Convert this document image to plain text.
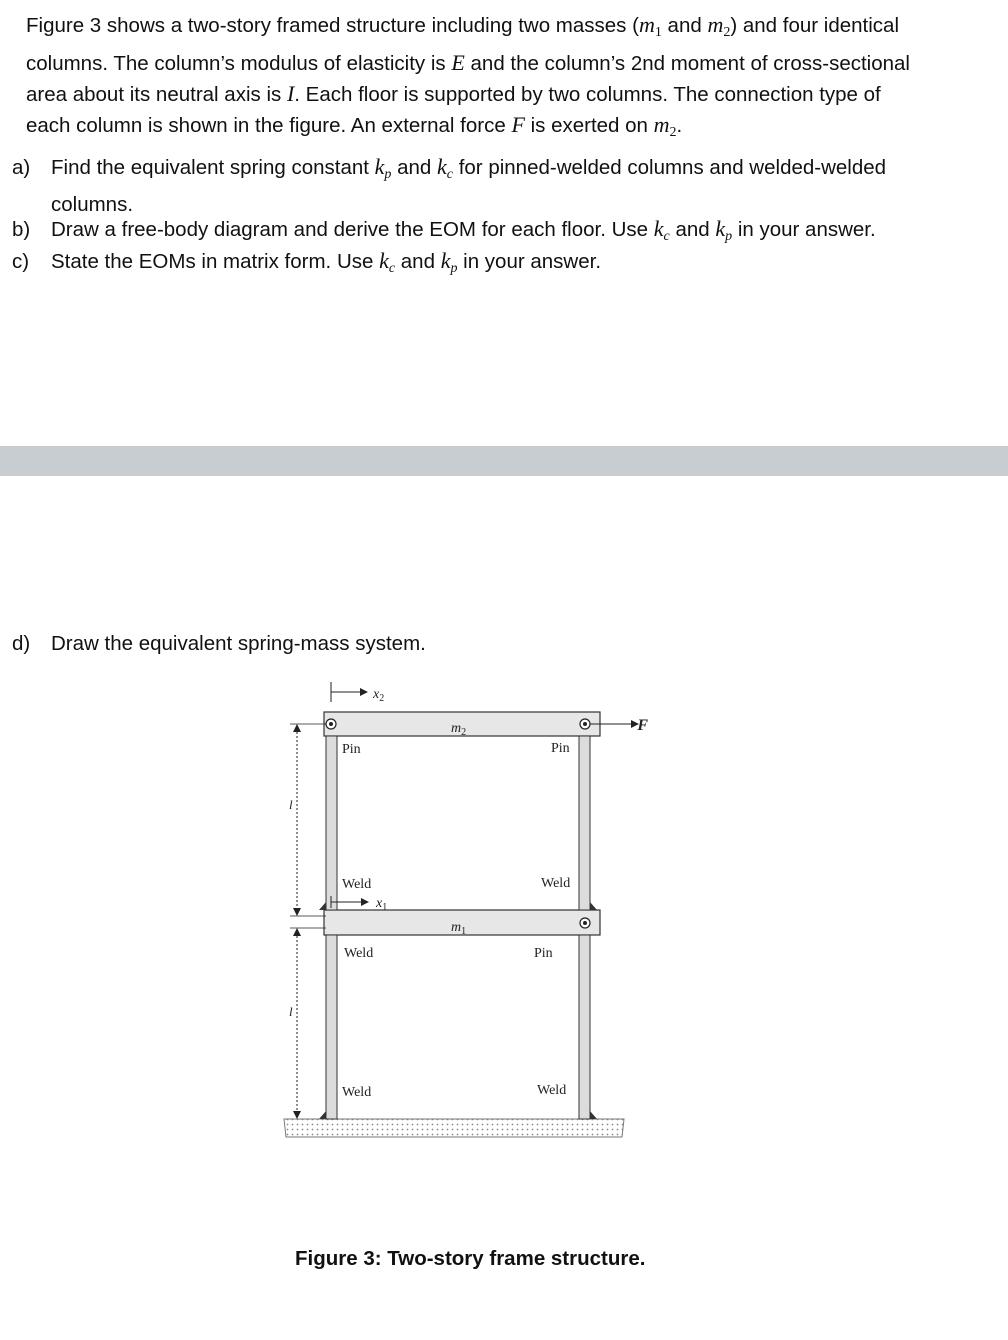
Figure 3 shows a two-story framed structure including two masses ($m_1$ and $m_2$) and four identical
columns. The column’s modulus of elasticity is E and the column’s 2nd moment of cross-sectional
area about its neutral axis is I. Each floor is supported by two columns. The connection type of
each column is shown in the figure. An external force F is exerted on $m_2$.
a) Find the equivalent spring constant $k_p$ and $k_c$ for pinned-welded columns and welded-welded
columns.
b) Draw a free-body diagram and derive the EOM for each floor. Use $k_c$ and $k_p$ in your answer.
c) State the EOMs in matrix form. Use $k_c$ and $k_p$ in your answer.
d) Draw the equivalent spring-mass system.
Pin	Pin
Weld	Weld
Weld	Pin
Weld	Weld
$m_2$
$m_1$
$x_2$
$x_1$
F
l
l
Figure 3: Two-story frame structure.
